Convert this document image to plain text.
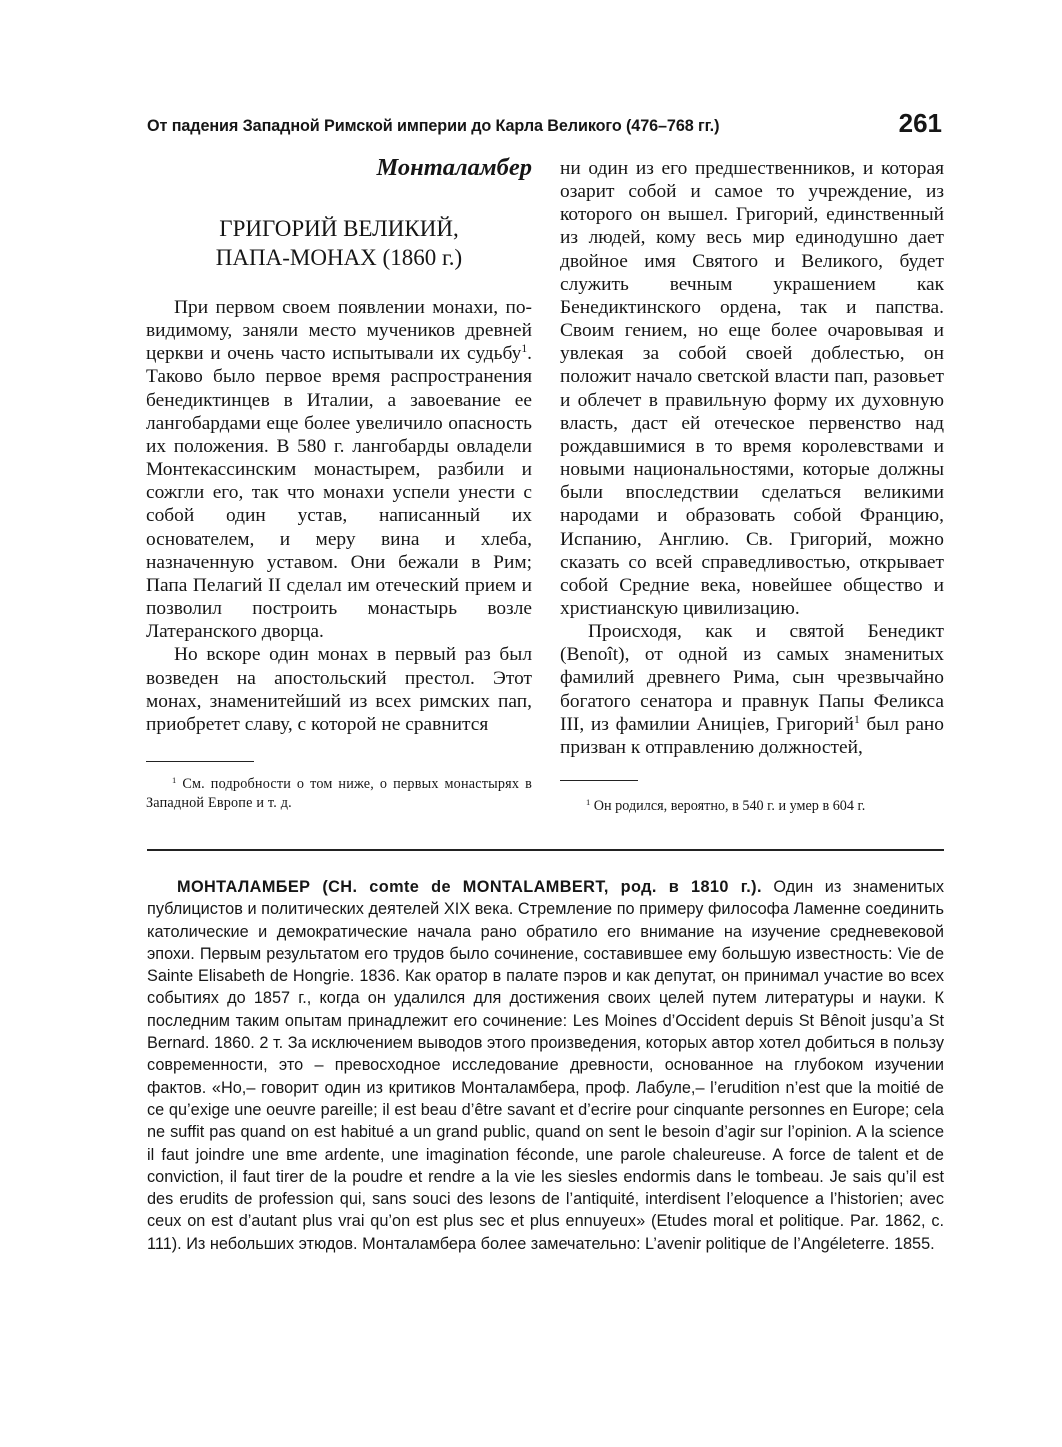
От падения Западной Римской империи до Карла Великого (476–768 гг.)	261
Монталамбер
ГРИГОРИЙ ВЕЛИКИЙ,
ПАПА-МОНАХ (1860 г.)

При первом своем появлении монахи, по-видимому, заняли место мучеников древней церкви и очень часто испытывали их судьбу$^1$. Таково было первое время распространения бенедиктинцев в Италии, а завоевание ее лангобардами еще более увеличило опасность их положения. В 580 г. лангобарды овладели Монтекассинским монастырем, разбили и сожгли его, так что монахи успели унести с собой один устав, написанный их основателем, и меру вина и хлеба, назначенную уставом. Они бежали в Рим; Папа Пелагий II сделал им отеческий прием и позволил построить монастырь возле Латеранского дворца.

Но вскоре один монах в первый раз был возведен на апостольский престол. Этот монах, знаменитейший из всех римских пап, приобретет славу, с которой не сравнится

ни один из его предшественников, и которая озарит собой и самое то учреждение, из которого он вышел. Григорий, единственный из людей, кому весь мир единодушно дает двойное имя Святого и Великого, будет служить вечным украшением как Бенедиктинского ордена, так и папства. Своим гением, но еще более очаровывая и увлекая за собой своей доблестью, он положит начало светской власти пап, разовьет и облечет в правильную форму их духовную власть, даст ей отеческое первенство над рождавшимися в то время королевствами и новыми национальностями, которые должны были впоследствии сделаться великими народами и образовать собой Францию, Испанию, Англию. Св. Григорий, можно сказать со всей справедливостью, открывает собой Средние века, новейшее общество и христианскую цивилизацию.

Происходя, как и святой Бенедикт (Benoît), от одной из самых знаменитых фамилий древнего Рима, сын чрезвычайно богатого сенатора и правнук Папы Феликса III, из фамилии Аницiев, Григорий$^1$ был рано призван к отправлению должностей,

$^1$ См. подробности о том ниже, о первых монастырях в Западной Европе и т. д.	$^1$ Он родился, вероятно, в 540 г. и умер в 604 г.

МОНТАЛАМБЕР (CH. comte de MONTALAMBERT, род. в 1810 г.). Один из знаменитых публицистов и политических деятелей XIX века. Стремление по примеру философа Ламенне соединить католические и демократические начала рано обратило его внимание на изучение средневековой эпохи. Первым результатом его трудов было сочинение, составившее ему большую известность: Vie de Sainte Elisabeth de Hongrie. 1836. Как оратор в палате пэров и как депутат, он принимал участие во всех событиях до 1857 г., когда он удалился для достижения своих целей путем литературы и науки. К последним таким опытам принадлежит его сочинение: Les Moines d’Occident depuis St Bênoit jusqu’a St Bernard. 1860. 2 т. За исключением выводов этого произведения, которых автор хотел добиться в пользу современности, это – превосходное исследование древности, основанное на глубоком изучении фактов. «Но,– говорит один из критиков Монталамбера, проф. Лабуле,– l’erudition n’est que la moitié de ce qu’exige une oeuvre pareille; il est beau d’être savant et d’ecrire pour cinquante personnes en Europe; cela ne suffit pas quand on est habitué a un grand public, quand on sent le besoin d’agir sur l’opinion. A la science il faut joindre une вme ardente, une imagination féconde, une parole chaleureuse. A force de talent et de conviction, il faut tirer de la poudre et rendre a la vie les siesles endormis dans le tombeau. Je sais qu’il est des erudits de profession qui, sans souci des leзons de l’antiquité, interdisent l’eloquence a l’historien; avec ceux on est d’autant plus vrai qu’on est plus sec et plus ennuyeux» (Etudes moral et politique. Par. 1862, с. 111). Из небольших этюдов. Монталамбера более замечательно: L’avenir politique de l’Angéleterre. 1855.
